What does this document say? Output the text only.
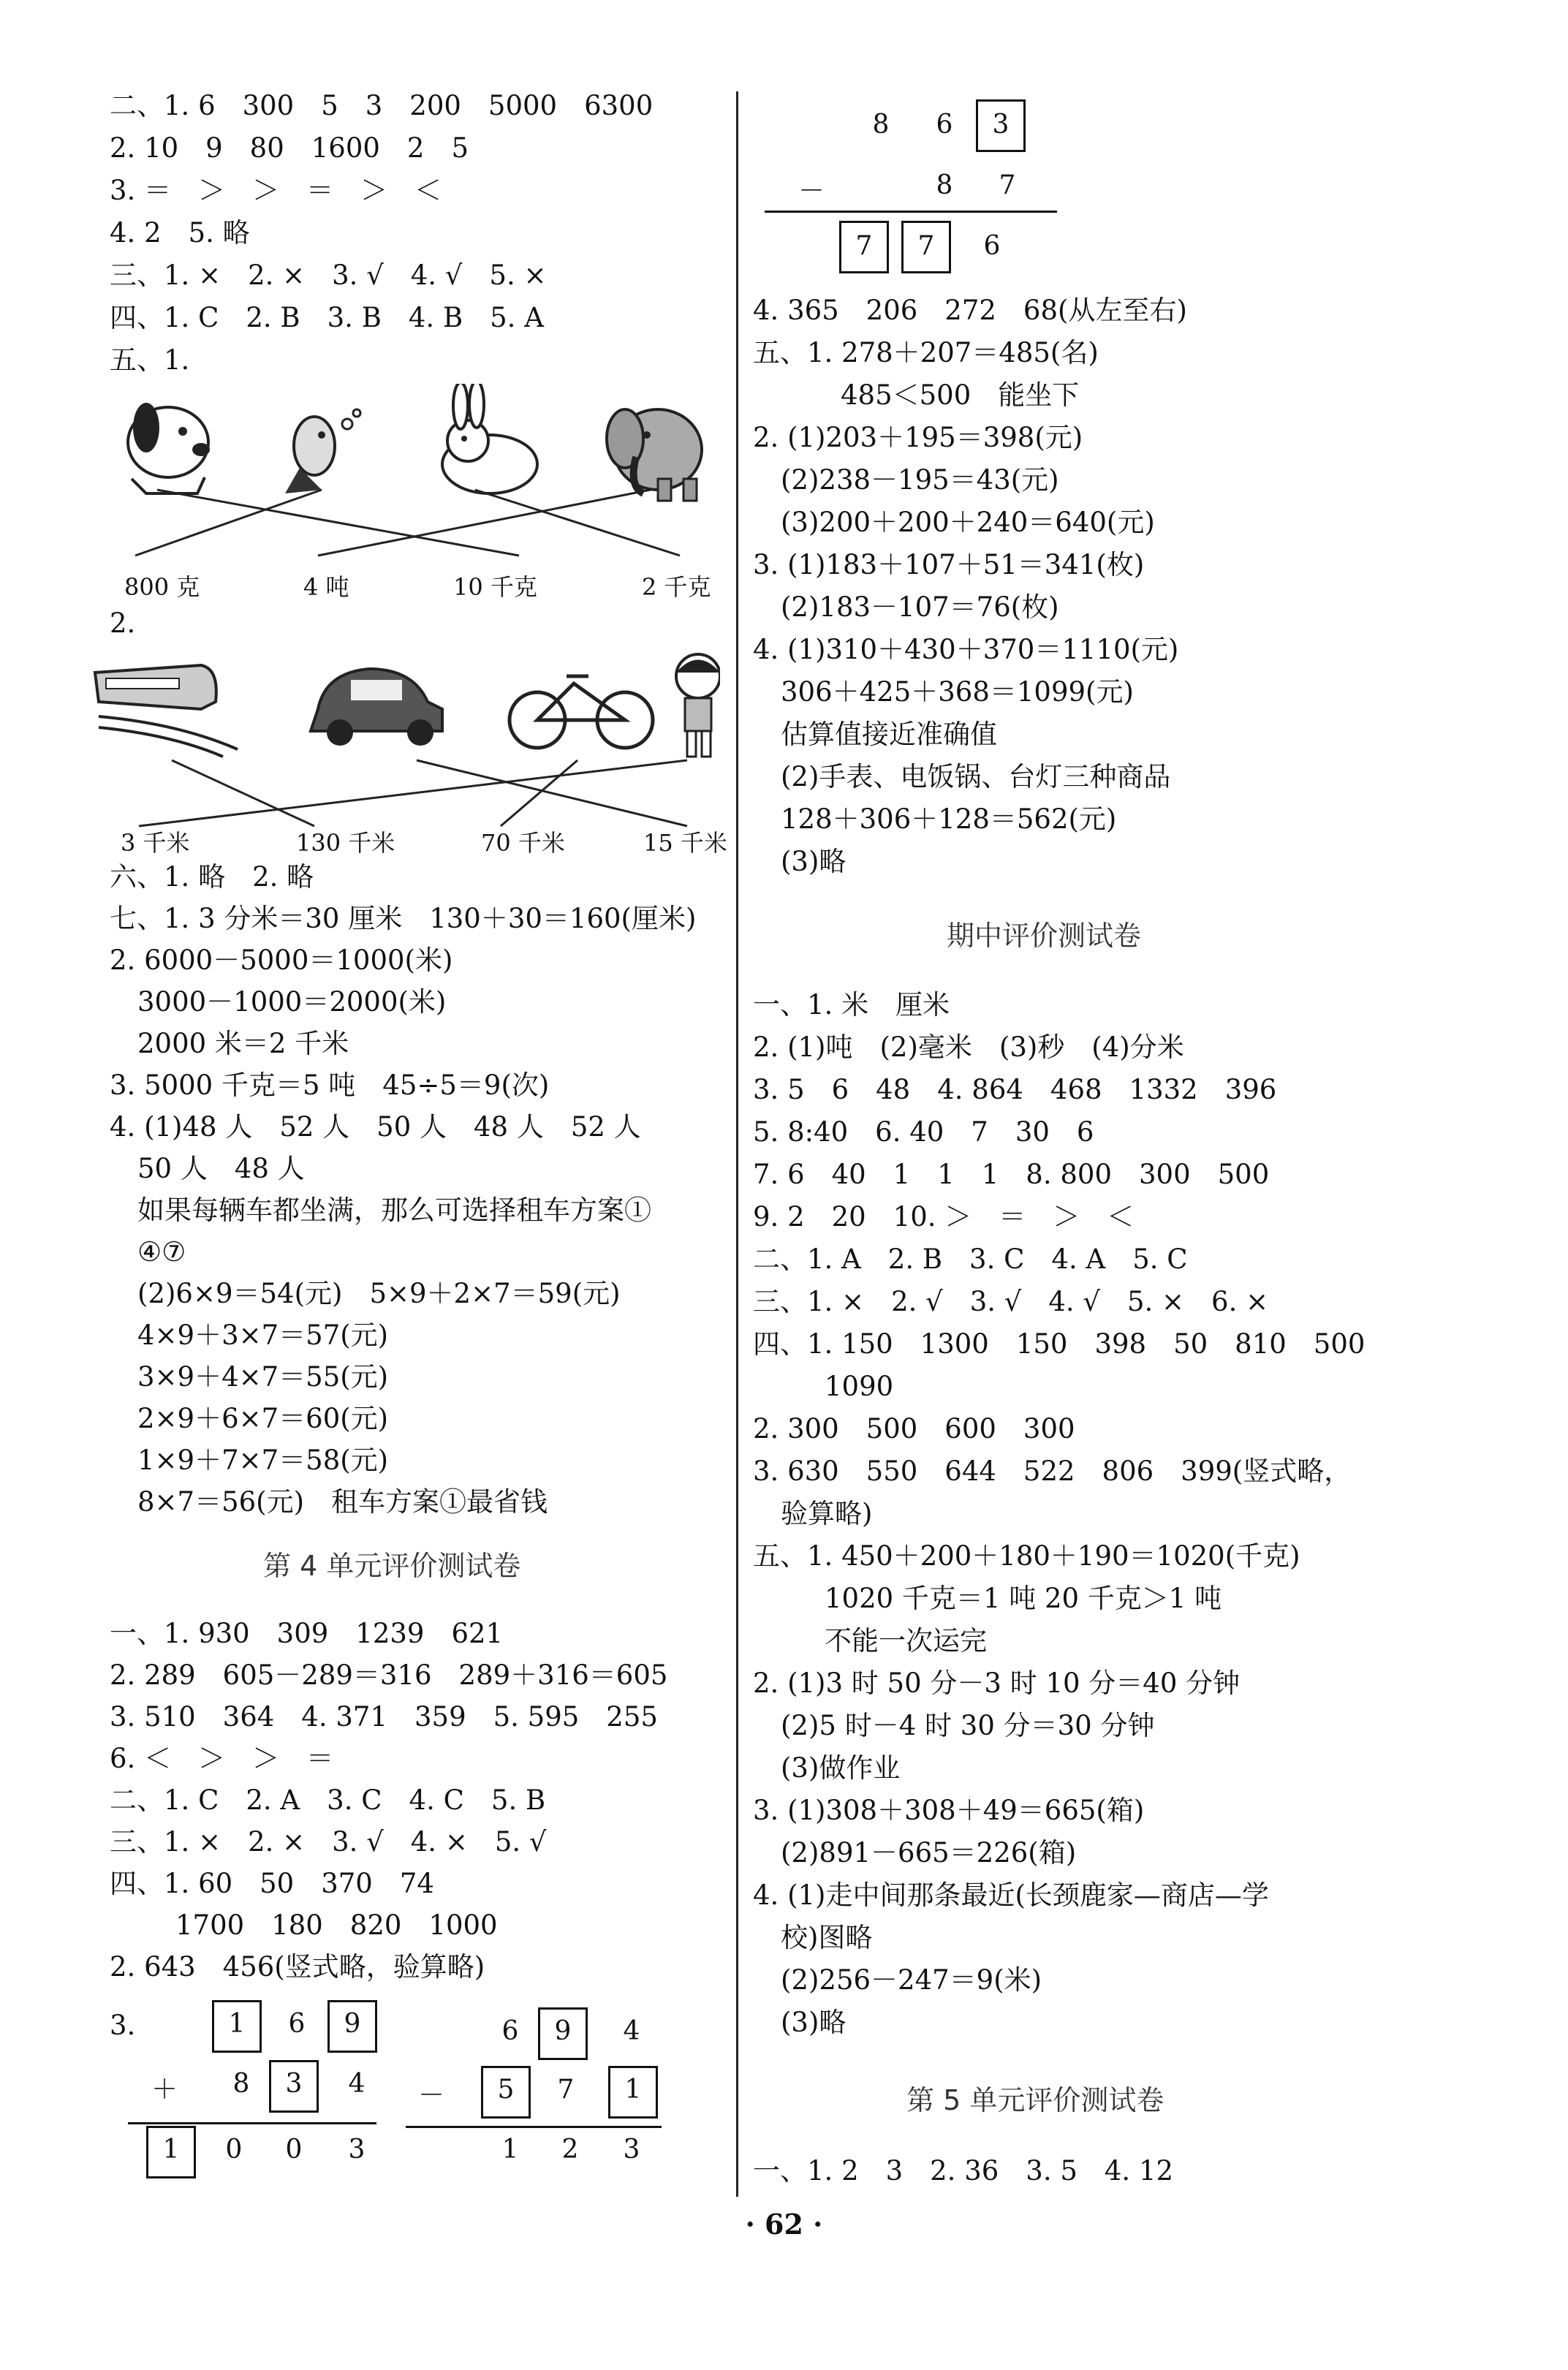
二、1. 6　300　5　3　200　5000　6300
2. 10　9　80　1600　2　5
3. ＝　＞　＞　＝　＞　＜
4. 2　5. 略
三、1. ×　2. ×　3. √　4. √　5. ×
四、1. C　2. B　3. B　4. B　5. A
五、1.
800 克	4 吨	10 千克	2 千克
2.
3 千米	130 千米	70 千米	15 千米
六、1. 略　2. 略
七、1. 3 分米＝30 厘米　130＋30＝160(厘米)
2. 6000－5000＝1000(米)
3000－1000＝2000(米)
2000 米＝2 千米
3. 5000 千克＝5 吨　45÷5＝9(次)
4. (1)48 人　52 人　50 人　48 人　52 人
50 人　48 人
如果每辆车都坐满，那么可选择租车方案①
④⑦
(2)6×9＝54(元)　5×9＋2×7＝59(元)
4×9＋3×7＝57(元)
3×9＋4×7＝55(元)
2×9＋6×7＝60(元)
1×9＋7×7＝58(元)
8×7＝56(元)　租车方案①最省钱
第 4 单元评价测试卷
一、1. 930　309　1239　621
2. 289　605－289＝316　289＋316＝605
3. 510　364　4. 371　359　5. 595　255
6. ＜　＞　＞　＝
二、1. C　2. A　3. C　4. C　5. B
三、1. ×　2. ×　3. √　4. ×　5. √
四、1. 60　50　370　74
1700　180　820　1000
2. 643　456(竖式略，验算略)
3.	1 6 9
＋ 8 3 4
1 0 0 3
6 9 4
－ 5 7 1
1 2 3
8 6 3
－	8 7
7 7 6
4. 365　206　272　68(从左至右)
五、1. 278＋207＝485(名)
485＜500　能坐下
2. (1)203＋195＝398(元)
(2)238－195＝43(元)
(3)200＋200＋240＝640(元)
3. (1)183＋107＋51＝341(枚)
(2)183－107＝76(枚)
4. (1)310＋430＋370＝1110(元)
306＋425＋368＝1099(元)
估算值接近准确值
(2)手表、电饭锅、台灯三种商品
128＋306＋128＝562(元)
(3)略
期中评价测试卷
一、1. 米　厘米
2. (1)吨　(2)毫米　(3)秒　(4)分米
3. 5　6　48　4. 864　468　1332　396
5. 8:40　6. 40　7　30　6
7. 6　40　1　1　1　8. 800　300　500
9. 2　20　10. ＞　＝　＞　＜
二、1. A　2. B　3. C　4. A　5. C
三、1. ×　2. √　3. √　4. √　5. ×　6. ×
四、1. 150　1300　150　398　50　810　500
1090
2. 300　500　600　300
3. 630　550　644　522　806　399(竖式略，
验算略)
五、1. 450＋200＋180＋190＝1020(千克)
1020 千克＝1 吨 20 千克＞1 吨
不能一次运完
2. (1)3 时 50 分－3 时 10 分＝40 分钟
(2)5 时－4 时 30 分＝30 分钟
(3)做作业
3. (1)308＋308＋49＝665(箱)
(2)891－665＝226(箱)
4. (1)走中间那条最近(长颈鹿家—商店—学
校)图略
(2)256－247＝9(米)
(3)略
第 5 单元评价测试卷
一、1. 2　3　2. 36　3. 5　4. 12
· 62 ·
